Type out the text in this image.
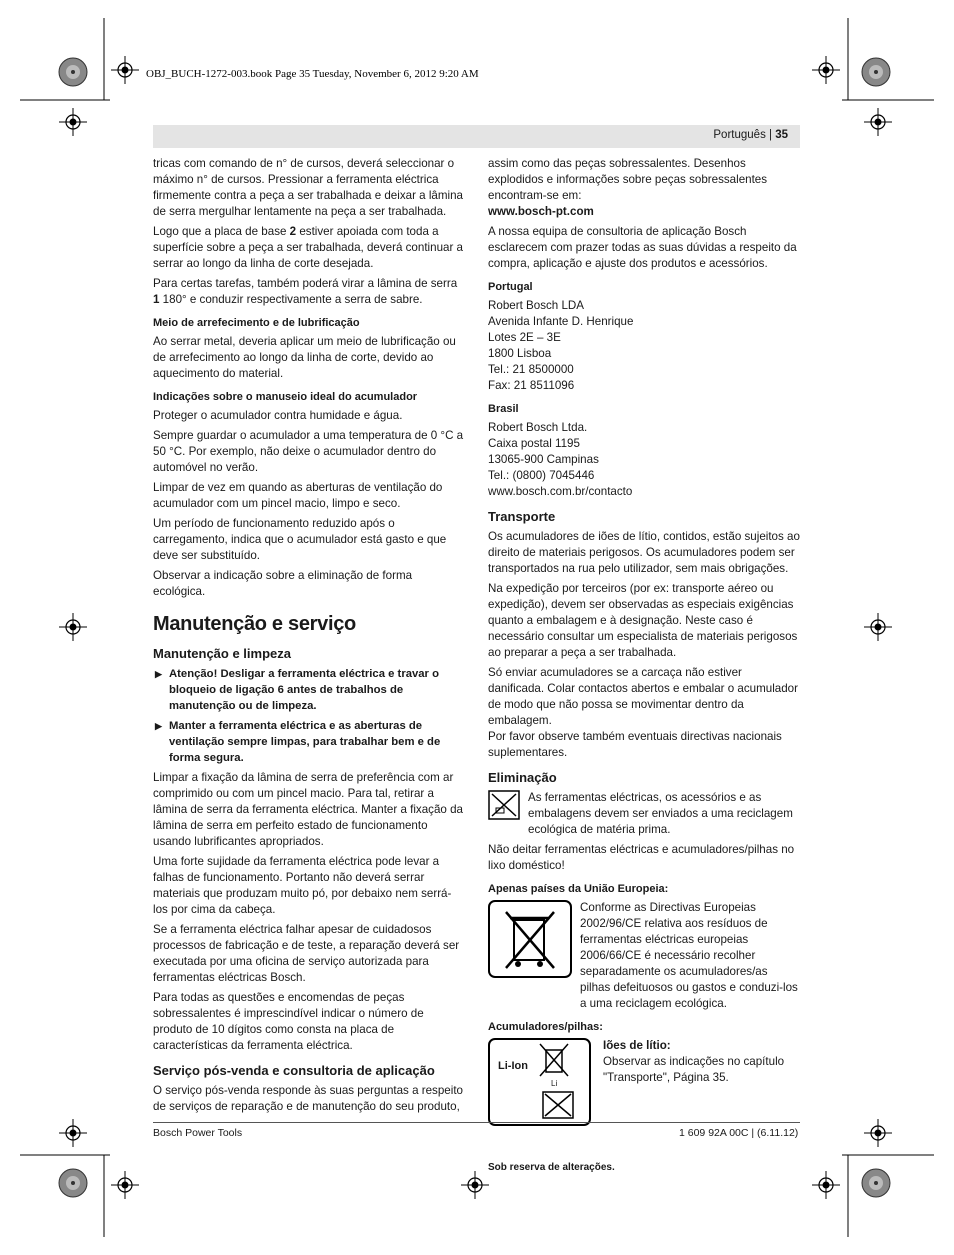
OBJ_BUCH-1272-003.book Page 35 Tuesday, November 6, 2012 9:20 AM
Português | 35

tricas com comando de n° de cursos, deverá seleccionar o máximo n° de cursos. Pressionar a ferramenta eléctrica firmemente contra a peça a ser trabalhada e deixar a lâmina de serra mergulhar lentamente na peça a ser trabalhada.

Logo que a placa de base 2 estiver apoiada com toda a superfície sobre a peça a ser trabalhada, deverá continuar a serrar ao longo da linha de corte desejada.

Para certas tarefas, também poderá virar a lâmina de serra 1 180° e conduzir respectivamente a serra de sabre.

Meio de arrefecimento e de lubrificação

Ao serrar metal, deveria aplicar um meio de lubrificação ou de arrefecimento ao longo da linha de corte, devido ao aquecimento do material.

Indicações sobre o manuseio ideal do acumulador

Proteger o acumulador contra humidade e água.

Sempre guardar o acumulador a uma temperatura de 0 °C a 50 °C. Por exemplo, não deixe o acumulador dentro do automóvel no verão.

Limpar de vez em quando as aberturas de ventilação do acumulador com um pincel macio, limpo e seco.

Um período de funcionamento reduzido após o carregamento, indica que o acumulador está gasto e que deve ser substituído.

Observar a indicação sobre a eliminação de forma ecológica.

Manutenção e serviço
Manutenção e limpeza
▶ Atenção! Desligar a ferramenta eléctrica e travar o bloqueio de ligação 6 antes de trabalhos de manutenção ou de limpeza.
▶ Manter a ferramenta eléctrica e as aberturas de ventilação sempre limpas, para trabalhar bem e de forma segura.

Limpar a fixação da lâmina de serra de preferência com ar comprimido ou com um pincel macio. Para tal, retirar a lâmina de serra da ferramenta eléctrica. Manter a fixação da lâmina de serra em perfeito estado de funcionamento usando lubrificantes apropriados.

Uma forte sujidade da ferramenta eléctrica pode levar a falhas de funcionamento. Portanto não deverá serrar materiais que produzam muito pó, por debaixo nem serrá-los por cima da cabeça.

Se a ferramenta eléctrica falhar apesar de cuidadosos processos de fabricação e de teste, a reparação deverá ser executada por uma oficina de serviço autorizada para ferramentas eléctricas Bosch.

Para todas as questões e encomendas de peças sobressalentes é imprescindível indicar o número de produto de 10 dígitos como consta na placa de características da ferramenta eléctrica.

Serviço pós-venda e consultoria de aplicação

O serviço pós-venda responde às suas perguntas a respeito de serviços de reparação e de manutenção do seu produto,

assim como das peças sobressalentes. Desenhos explodidos e informações sobre peças sobressalentes encontram-se em:
www.bosch-pt.com

A nossa equipa de consultoria de aplicação Bosch esclarecem com prazer todas as suas dúvidas a respeito da compra, aplicação e ajuste dos produtos e acessórios.

Portugal
Robert Bosch LDA
Avenida Infante D. Henrique
Lotes 2E – 3E
1800 Lisboa
Tel.: 21 8500000
Fax: 21 8511096
Brasil
Robert Bosch Ltda.
Caixa postal 1195
13065-900 Campinas
Tel.: (0800) 7045446
www.bosch.com.br/contacto
Transporte

Os acumuladores de iões de lítio, contidos, estão sujeitos ao direito de materiais perigosos. Os acumuladores podem ser transportados na rua pelo utilizador, sem mais obrigações.

Na expedição por terceiros (por ex: transporte aéreo ou expedição), devem ser observadas as especiais exigências quanto a embalagem e à designação. Neste caso é necessário consultar um especialista de materiais perigosos ao preparar a peça a ser trabalhada.

Só enviar acumuladores se a carcaça não estiver danificada. Colar contactos abertos e embalar o acumulador de modo que não possa se movimentar dentro da embalagem.
Por favor observe também eventuais directivas nacionais suplementares.

Eliminação
As ferramentas eléctricas, os acessórios e as embalagens devem ser enviados a uma reciclagem ecológica de matéria prima.

Não deitar ferramentas eléctricas e acumuladores/pilhas no lixo doméstico!

Apenas países da União Europeia:
Conforme as Directivas Europeias 2002/96/CE relativa aos resíduos de ferramentas eléctricas europeias 2006/66/CE é necessário recolher separadamente os acumuladores/as pilhas defeituosos ou gastos e conduzi-los a uma reciclagem ecológica.
Acumuladores/pilhas:
Li-Ion
Li
Iões de lítio:
Observar as indicações no capítulo "Transporte", Página 35.
Sob reserva de alterações.
Bosch Power Tools	1 609 92A 00C | (6.11.12)
